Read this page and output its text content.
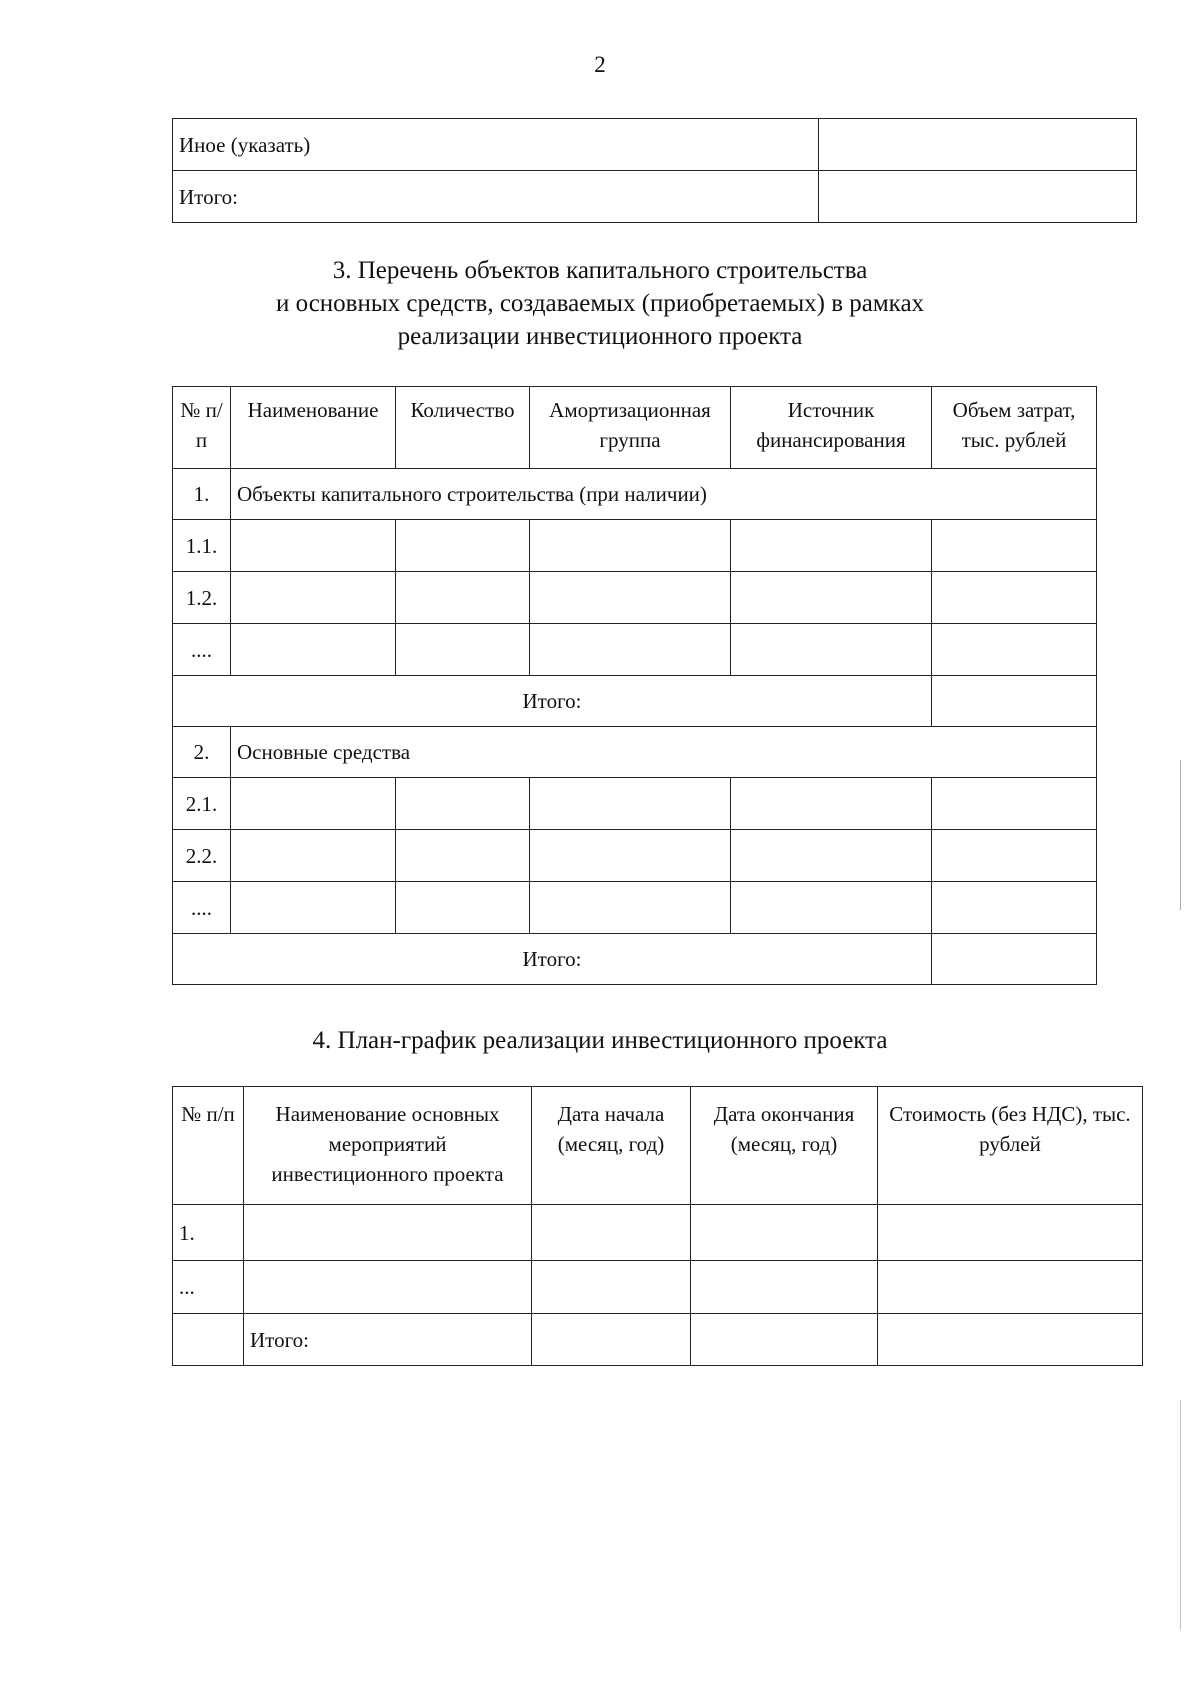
2
Иное (указать)	
Итого:	
3. Перечень объектов капитального строительства
и основных средств, создаваемых (приобретаемых) в рамках
реализации инвестиционного проекта
№ п/п	Наименование	Количество	Амортизационная группа	Источник финансирования	Объем затрат, тыс. рублей
1.	Объекты капитального строительства (при наличии)				
1.1.					
1.2.					
....					
Итого:					
2.	Основные средства				
2.1.					
2.2.					
....					
Итого:					
4. План-график реализации инвестиционного проекта
№ п/п	Наименование основных мероприятий инвестиционного проекта	Дата начала (месяц, год)	Дата окончания (месяц, год)	Стоимость (без НДС), тыс. рублей
1.				
...				
	Итого:			
